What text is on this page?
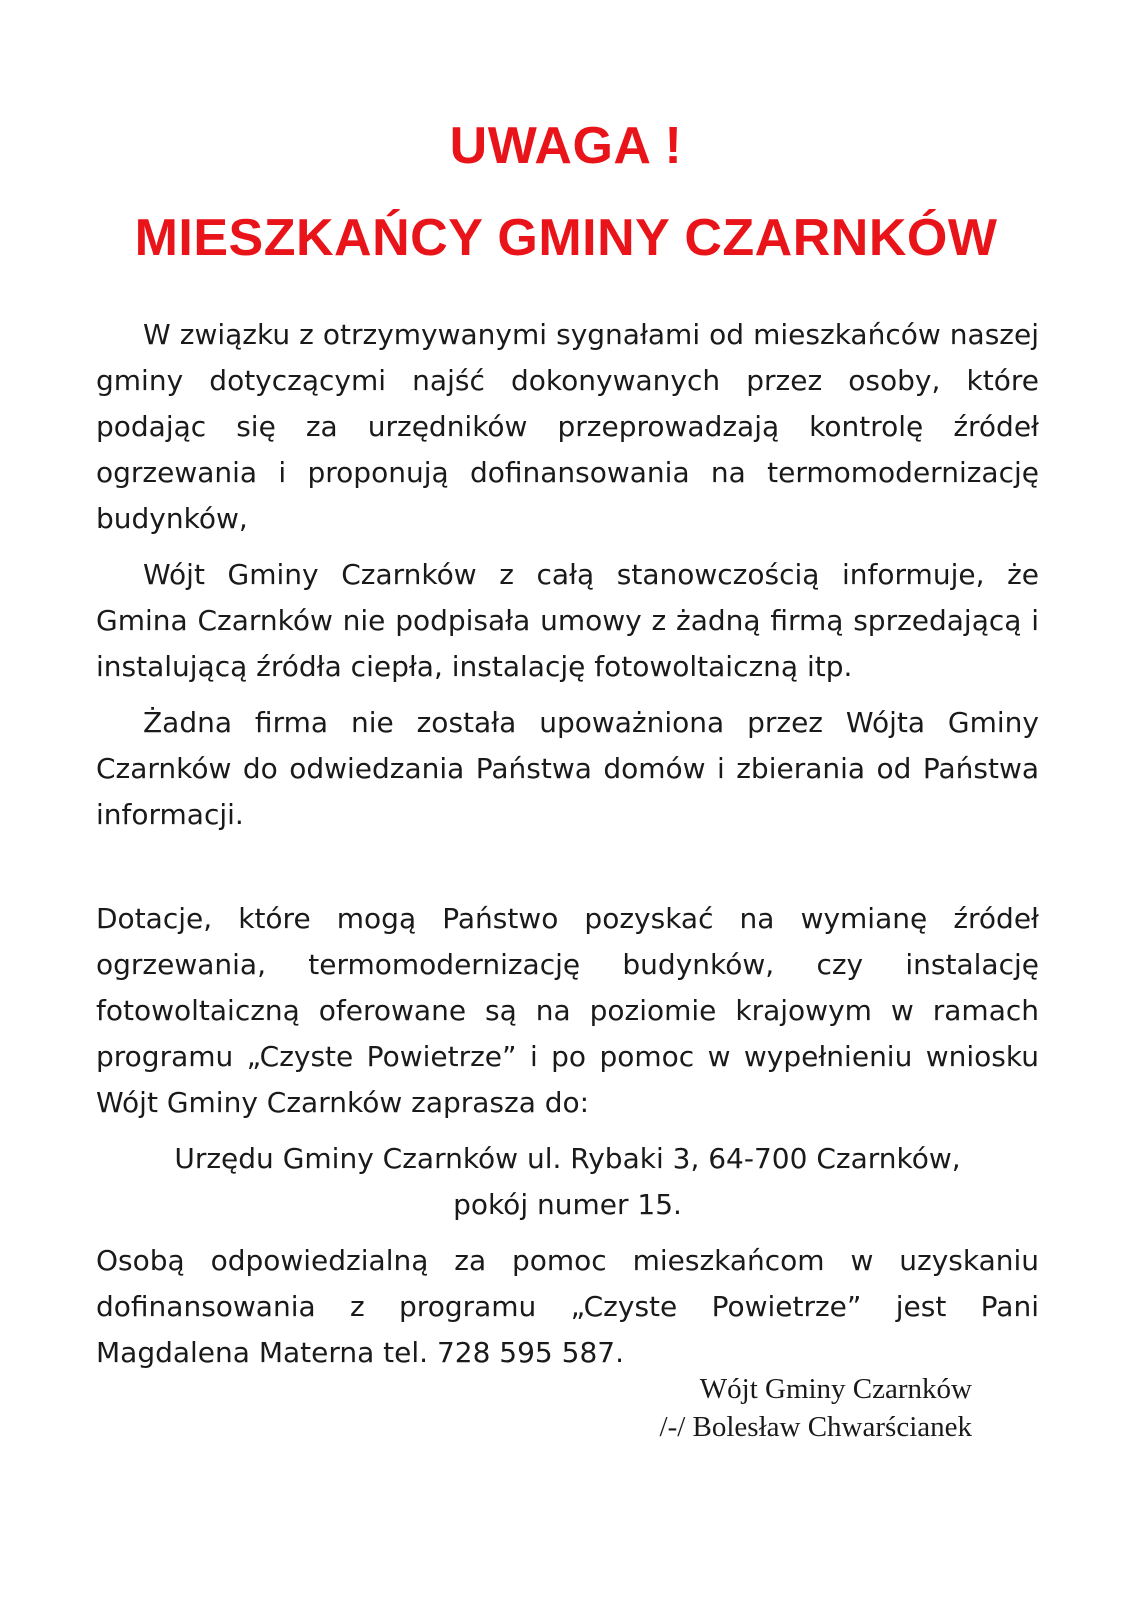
UWAGA !

MIESZKAŃCY GMINY CZARNKÓW

W związku z otrzymywanymi sygnałami od mieszkańców naszej gminy dotyczącymi najść dokonywanych przez osoby, które podając się za urzędników przeprowadzają kontrolę źródeł ogrzewania i proponują dofinansowania na termomodernizację budynków,

Wójt Gminy Czarnków z całą stanowczością informuje, że Gmina Czarnków nie podpisała umowy z żadną firmą sprzedającą i instalującą źródła ciepła, instalację fotowoltaiczną itp.

Żadna firma nie została upoważniona przez Wójta Gminy Czarnków do odwiedzania Państwa domów i zbierania od Państwa informacji.

Dotacje, które mogą Państwo pozyskać na wymianę źródeł ogrzewania, termomodernizację budynków, czy instalację fotowoltaiczną oferowane są na poziomie krajowym w ramach programu „Czyste Powietrze” i po pomoc w wypełnieniu wniosku Wójt Gminy Czarnków zaprasza do:

Urzędu Gminy Czarnków ul. Rybaki 3, 64-700 Czarnków,
pokój numer 15.

Osobą odpowiedzialną za pomoc mieszkańcom w uzyskaniu dofinansowania z programu „Czyste Powietrze” jest Pani Magdalena Materna tel. 728 595 587.

Wójt Gminy Czarnków
/-/ Bolesław Chwarścianek
